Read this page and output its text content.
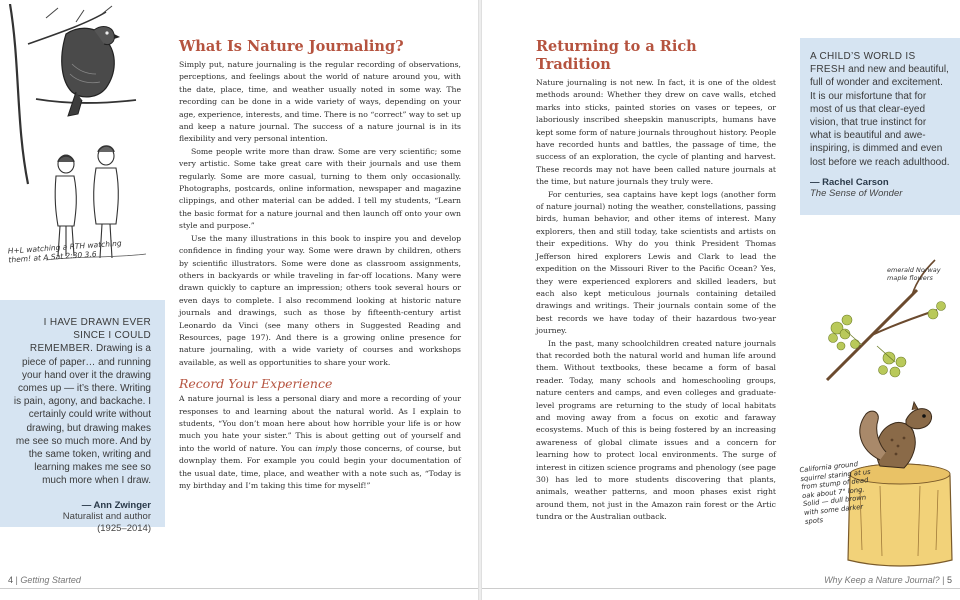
H+L watching a RTH watching them! at A Sat 2:30 3.6
I HAVE DRAWN EVER SINCE I COULD REMEMBER. Drawing is a piece of paper… and running your hand over it the drawing comes up — it’s there. Writing is pain, agony, and backache. I certainly could write without drawing, but drawing makes me see so much more. And by the same token, writing and learning makes me see so much more when I draw.
— Ann Zwinger
Naturalist and author
(1925–2014)
What Is Nature Journaling?

Simply put, nature journaling is the regular recording of observations, perceptions, and feelings about the world of nature around you, with the date, place, time, and weather usually noted in some way. The recording can be done in a wide variety of ways, depending on your age, experience, interests, and time. There is no “correct” way to set up and keep a nature journal. The success of a nature journal is in its flexibility and very personal intention.

Some people write more than draw. Some are very scientific; some very artistic. Some take great care with their journals and use them regularly. Some are more casual, turning to them only occasionally. Photographs, postcards, online information, newspaper and magazine clippings, and other material can be added. I tell my students, “Learn the basic format for a nature journal and then launch off onto your own style and purpose.”

Use the many illustrations in this book to inspire you and develop confidence in finding your way. Some were drawn by children, others by scientific illustrators. Some were done as classroom assignments, others in backyards or while traveling in far-off locations. Many were drawn quickly to capture an impression; others took several hours or even days to complete. I also recommend looking at historic nature journals and drawings, such as those by fifteenth-century artist Leonardo da Vinci (see many others in Suggested Reading and Resources, page 197). And there is a growing online presence for nature journaling, with a wide variety of courses and workshops available, as well as opportunities to share your work.

Record Your Experience

A nature journal is less a personal diary and more a recording of your responses to and learning about the natural world. As I explain to students, “You don’t moan here about how horrible your life is or how much you hate your sister.” This is about getting out of yourself and into the world of nature. You can imply those concerns, of course, but downplay them. For example you could begin your documentation of the usual date, time, place, and weather with a note such as, “Today is my birthday and I’m taking this time for myself!”

4 | Getting Started
Returning to a Rich Tradition

Nature journaling is not new. In fact, it is one of the oldest methods around: Whether they drew on cave walls, etched marks into sticks, painted stories on vases or tepees, or laboriously inscribed sheepskin manuscripts, humans have kept some form of nature journals throughout history. People have recorded hunts and battles, the passage of time, the success of an exploration, the cycle of planting and harvest. These records may not have been called nature journals at the time, but nature journals they truly were.

For centuries, sea captains have kept logs (another form of nature journal) noting the weather, constellations, passing birds, human behavior, and other items of interest. Many explorers, then and still today, take scientists and artists on their expeditions. Why do you think President Thomas Jefferson hired explorers Lewis and Clark to lead the expedition on the Missouri River to the Pacific Ocean? Yes, they were experienced explorers and skilled leaders, but each also kept meticulous journals containing detailed drawings and writings. Their journals contain some of the best records we have today of their hazardous two-year journey.

In the past, many schoolchildren created nature journals that recorded both the natural world and human life around them. Without textbooks, these became a form of basal reader. Today, many schools and homeschooling groups, nature centers and camps, and even colleges and graduate-level programs are returning to the study of local habitats and moving away from a focus on exotic and faraway ecosystems. Much of this is being fostered by an increasing awareness of global climate issues and a concern for learning how to protect local environments. The surge of interest in citizen science programs and phenology (see page 30) has led to more students discovering that plants, animals, weather patterns, and moon phases exist right around them, not just in the Amazon rain forest or the Artic tundra or the Australian outback.

A CHILD’S WORLD IS FRESH and new and beautiful, full of wonder and excitement. It is our misfortune that for most of us that clear-eyed vision, that true instinct for what is beautiful and awe-inspiring, is dimmed and even lost before we reach adulthood.
— Rachel Carson
The Sense of Wonder
emerald Norway maple flowers
California ground squirrel staring at us from stump of dead oak about 7" long. Solid — dull brown with some darker spots
Why Keep a Nature Journal? | 5
